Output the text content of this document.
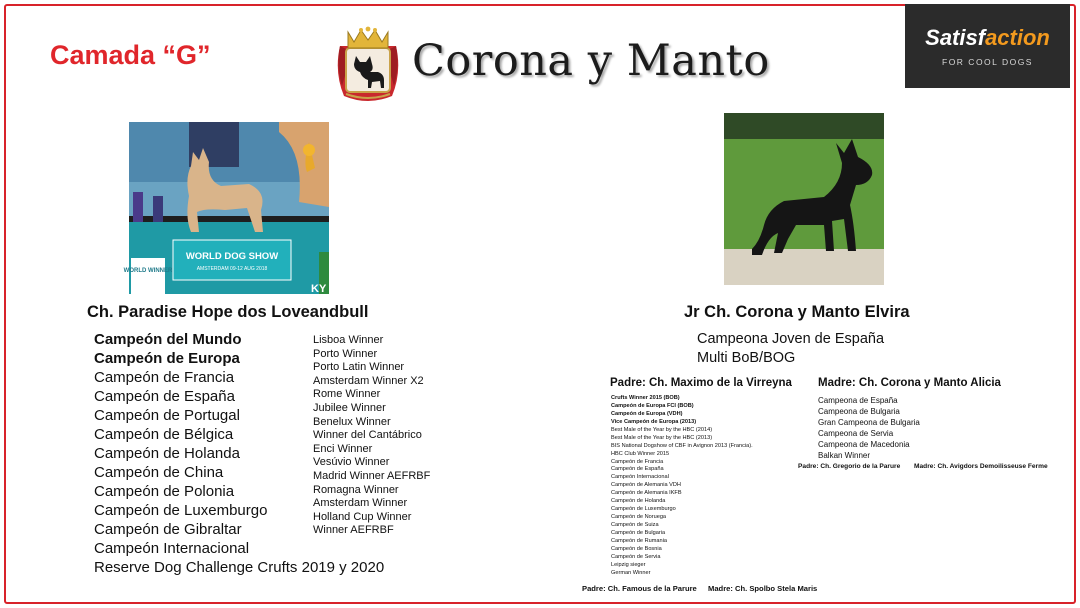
Camada “G”	Corona y Manto	Satisfaction
FOR COOL DOGS
WORLD DOG SHOW
AMSTERDAM 09-12 AUG 2018
WORLD WINNER
KY
Ch. Paradise Hope dos Loveandbull	Jr Ch. Corona y Manto Elvira
Campeón del Mundo
Campeón de Europa
Campeón de Francia
Campeón de España
Campeón de Portugal
Campeón de Bélgica
Campeón de Holanda
Campeón de China
Campeón de Polonia
Campeón de Luxemburgo
Campeón de Gibraltar
Campeón Internacional
Reserve Dog Challenge Crufts 2019 y 2020
Lisboa Winner
Porto Winner
Porto Latin Winner
Amsterdam Winner X2
Rome Winner
Jubilee Winner
Benelux Winner
Winner del Cantábrico
Enci Winner
Vesúvio Winner
Madrid Winner AEFRBF
Romagna Winner
Amsterdam Winner
Holland Cup Winner
Winner AEFRBF
Campeona Joven de España
Multi BoB/BOG
Padre: Ch. Maximo de la Virreyna Madre: Ch. Corona y Manto Alicia
Crufts Winner 2015 (BOB)
Campeón de Europa FCI (BOB)
Campeón de Europa (VDH)
Vice Campeón de Europa (2013)
Best Male of the Year by the HBC (2014)
Best Male of the Year by the HBC (2013)
BIS National Dogshow of CBF in Avignon 2013 (Francia).
HBC Club Winner 2015
Campeón de Francia
Campeón de España
Campeón Internacional
Campeón de Alemania VDH
Campeón de Alemania IKFB
Campeón de Holanda
Campeón de Luxemburgo
Campeón de Noruega
Campeón de Suiza
Campeón de Bulgaria
Campeón de Rumania
Campeón de Bosnia
Campeón de Servia
Leipzig sieger
German Winner
Campeona de España
Campeona de Bulgaria
Gran Campeona de Bulgaria
Campeona de Servia
Campeona de Macedonia
Balkan Winner
Padre: Ch. Gregorio de la Parure Madre: Ch. Avigdors Demoilisseuse Ferme
Padre: Ch. Famous de la Parure Madre: Ch. Spolbo Stela Maris
